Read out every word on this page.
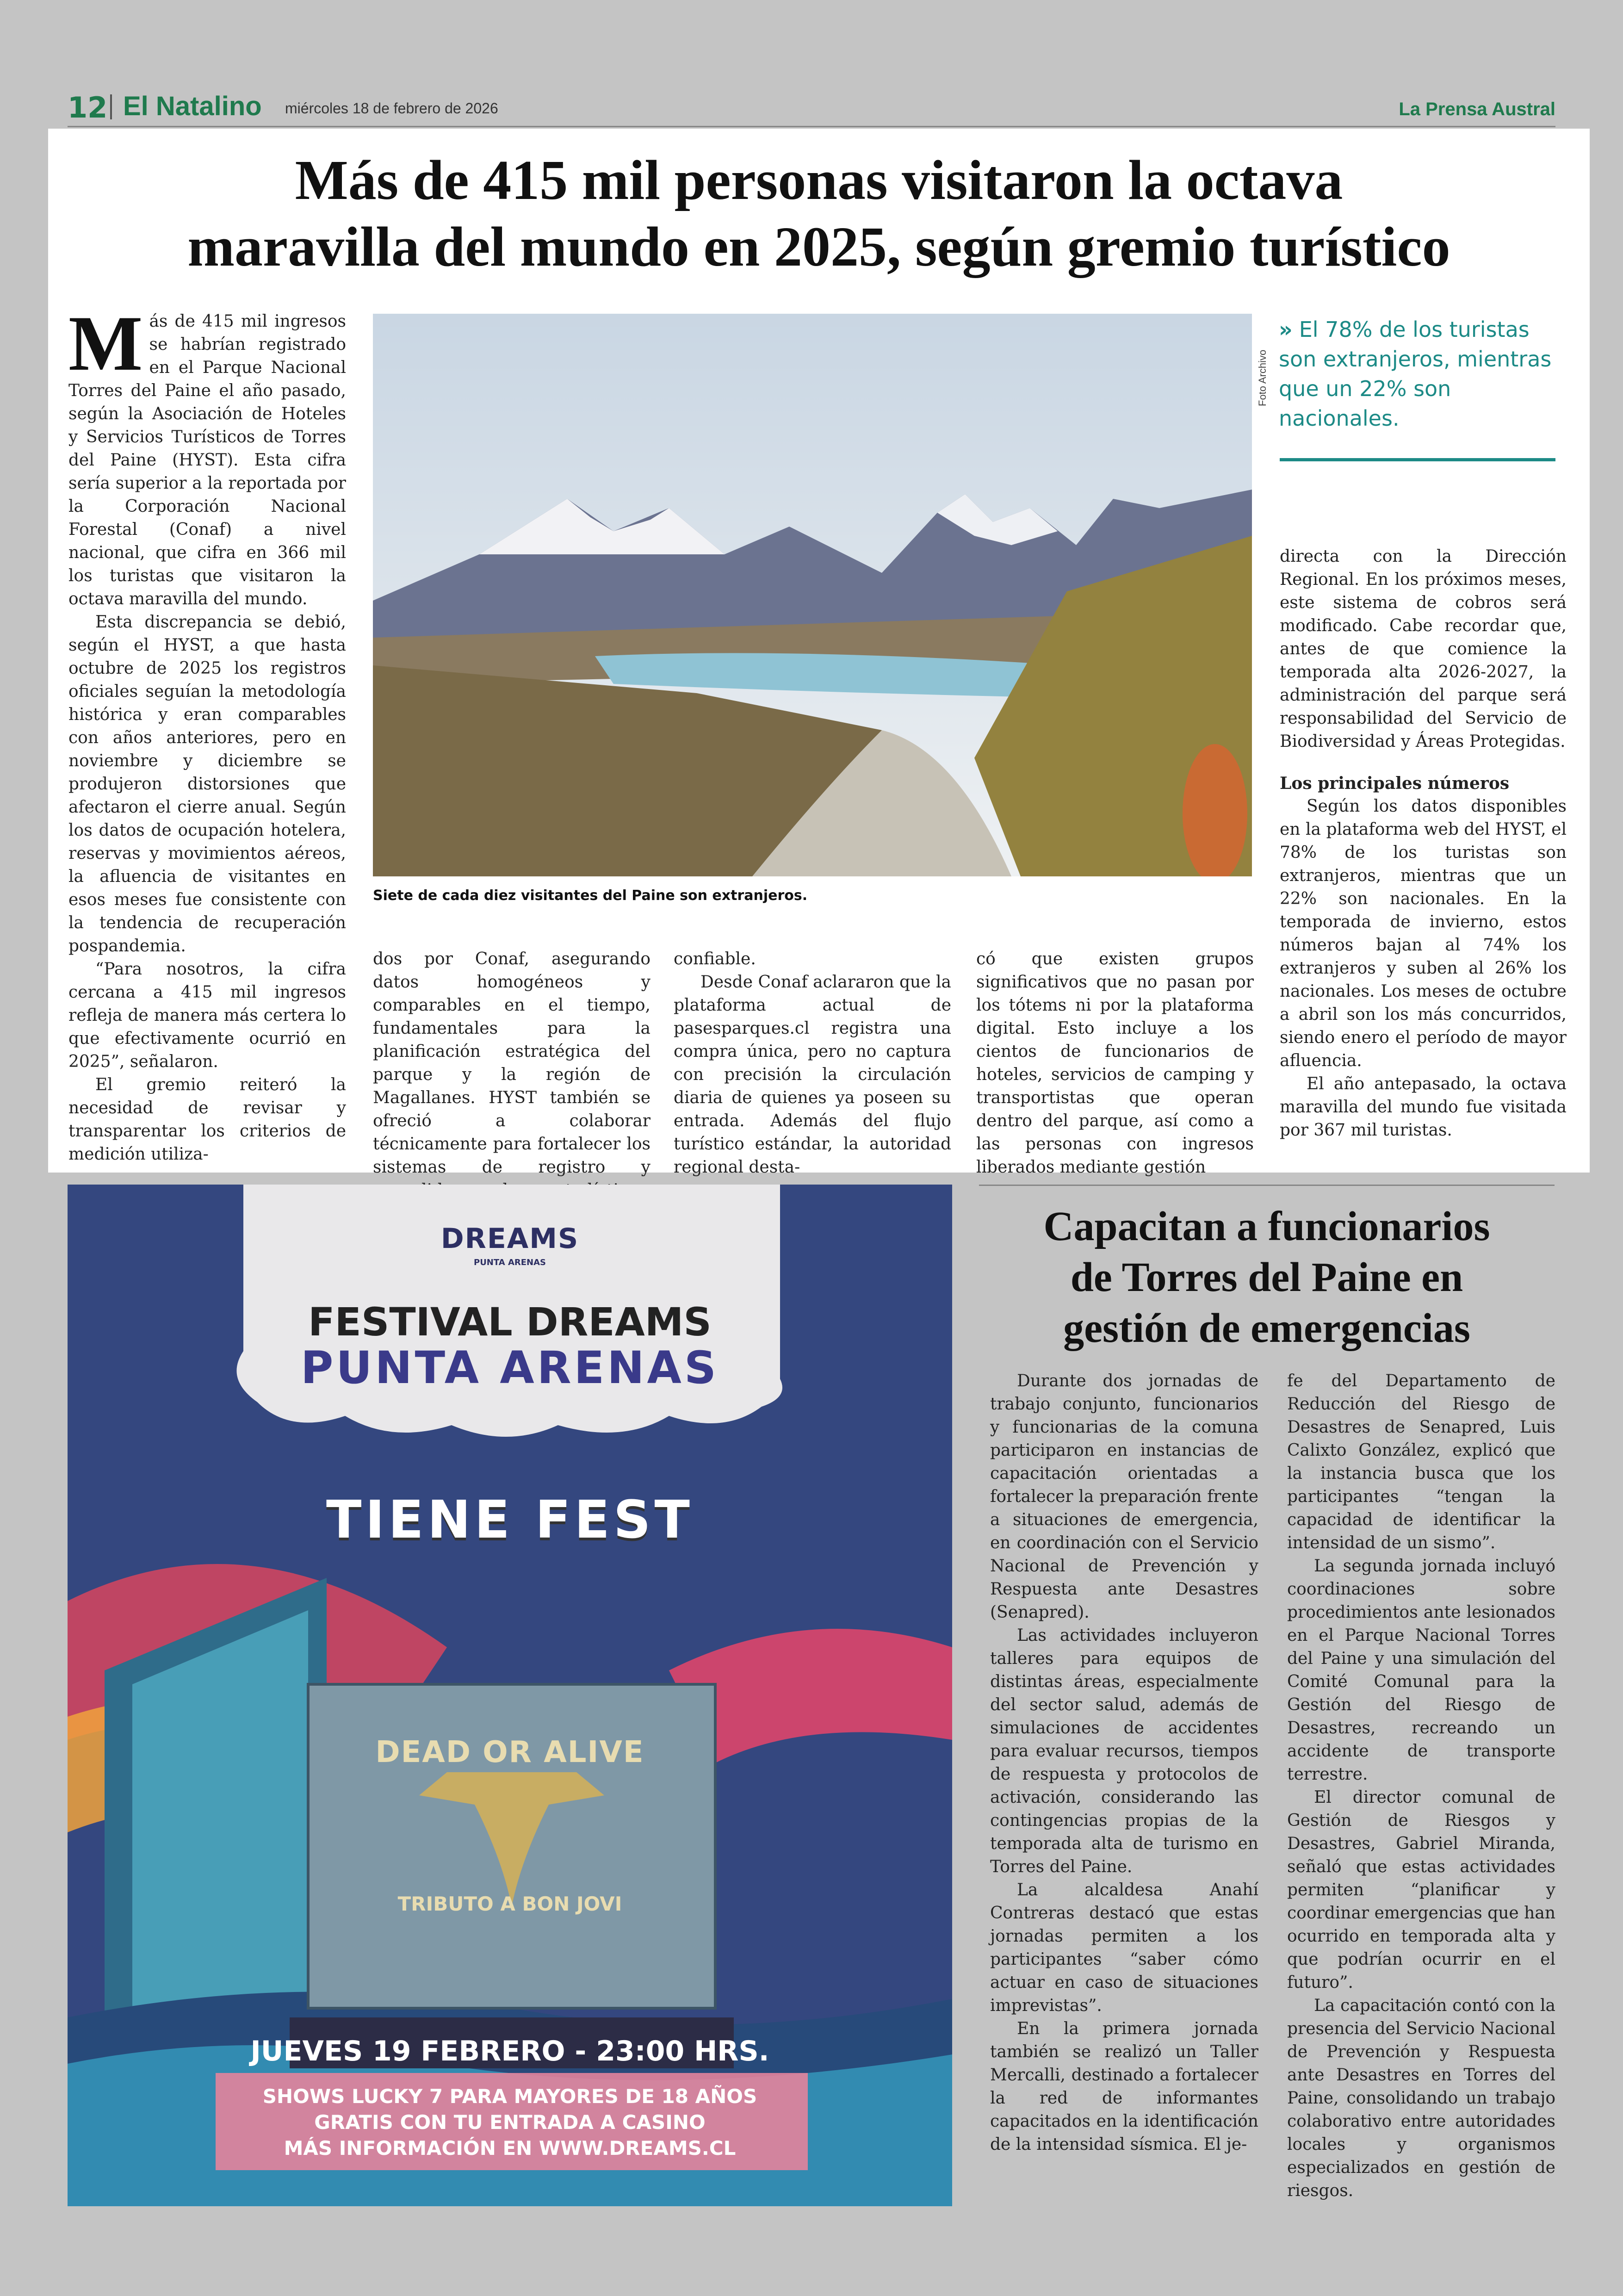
12 El Natalino miércoles 18 de febrero de 2026	La Prensa Austral
Más de 415 mil personas visitaron la octava
maravilla del mundo en 2025, según gremio turístico

Más de 415 mil ingresos se habrían registrado en el Parque Nacional Torres del Paine el año pasado, según la Asociación de Hoteles y Servicios Turísticos de Torres del Paine (HYST). Esta cifra sería superior a la reportada por la Corporación Nacional Forestal (Conaf) a nivel nacional, que cifra en 366 mil los turistas que visitaron la octava maravilla del mundo.

Esta discrepancia se debió, según el HYST, a que hasta octubre de 2025 los registros oficiales seguían la metodología histórica y eran comparables con años anteriores, pero en noviembre y diciembre se produjeron distorsiones que afectaron el cierre anual. Según los datos de ocupación hotelera, reservas y movimientos aéreos, la afluencia de visitantes en esos meses fue consistente con la tendencia de recuperación pospandemia.

“Para nosotros, la cifra cercana a 415 mil ingresos refleja de manera más certera lo que efectivamente ocurrió en 2025”, señalaron.

El gremio reiteró la necesidad de revisar y transparentar los criterios de medición utiliza-

Siete de cada diez visitantes del Paine son extranjeros.
Foto Archivo
» El 78% de los turistas son extranjeros, mientras que un 22% son nacionales.

dos por Conaf, asegurando datos homogéneos y comparables en el tiempo, fundamentales para la planificación estratégica del parque y la región de Magallanes. HYST también se ofreció a colaborar técnicamente para fortalecer los sistemas de registro y

confiable.

Desde Conaf aclararon que la plataforma actual de pasesparques.cl registra una compra única, pero no captura con precisión la circulación diaria de quienes ya poseen su entrada. Además del flujo turístico estándar, la autoridad regional desta-

có que existen grupos significativos que no pasan por los tótems ni por la plataforma digital. Esto incluye a los cientos de funcionarios de hoteles, servicios de camping y transportistas que operan dentro del parque, así como a las personas con ingresos liberados mediante gestión

directa con la Dirección Regional. En los próximos meses, este sistema de cobros será modificado. Cabe recordar que, antes de que comience la temporada alta 2026-2027, la administración del parque será responsabilidad del Servicio de Biodiversidad y Áreas Protegidas.

Los principales números

Según los datos disponibles en la plataforma web del HYST, el 78% de los turistas son extranjeros, mientras que un 22% son nacionales. En la temporada de invierno, estos números bajan al 74% los extranjeros y suben al 26% los nacionales. Los meses de octubre a abril son los más concurridos, siendo enero el período de mayor afluencia.

El año antepasado, la octava maravilla del mundo fue visitada por 367 mil turistas.

DREAMS
PUNTA ARENAS
FESTIVAL DREAMS
PUNTA ARENAS
TIENE FEST
DEAD OR ALIVE
TRIBUTO A BON JOVI
JUEVES 19 FEBRERO - 23:00 HRS.
SHOWS LUCKY 7 PARA MAYORES DE 18 AÑOS
GRATIS CON TU ENTRADA A CASINO
MÁS INFORMACIÓN EN WWW.DREAMS.CL
Capacitan a funcionarios
de Torres del Paine en
gestión de emergencias

Durante dos jornadas de trabajo conjunto, funcionarios y funcionarias de la comuna participaron en instancias de capacitación orientadas a fortalecer la preparación frente a situaciones de emergencia, en coordinación con el Servicio Nacional de Prevención y Respuesta ante Desastres (Senapred).

Las actividades incluyeron talleres para equipos de distintas áreas, especialmente del sector salud, además de simulaciones de accidentes para evaluar recursos, tiempos de respuesta y protocolos de activación, considerando las contingencias propias de la temporada alta de turismo en Torres del Paine.

La alcaldesa Anahí Contreras destacó que estas jornadas permiten a los participantes “saber cómo actuar en caso de situaciones imprevistas”.

En la primera jornada también se realizó un Taller Mercalli, destinado a fortalecer la red de informantes capacitados en la identificación de la intensidad sísmica. El je-

fe del Departamento de Reducción del Riesgo de Desastres de Senapred, Luis Calixto González, explicó que la instancia busca que los participantes “tengan la capacidad de identificar la intensidad de un sismo”.

La segunda jornada incluyó coordinaciones sobre procedimientos ante lesionados en el Parque Nacional Torres del Paine y una simulación del Comité Comunal para la Gestión del Riesgo de Desastres, recreando un accidente de transporte terrestre.

El director comunal de Gestión de Riesgos y Desastres, Gabriel Miranda, señaló que estas actividades permiten “planificar y coordinar emergencias que han ocurrido en temporada alta y que podrían ocurrir en el futuro”.

La capacitación contó con la presencia del Servicio Nacional de Prevención y Respuesta ante Desastres en Torres del Paine, consolidando un trabajo colaborativo entre autoridades locales y organismos especializados en gestión de riesgos.
